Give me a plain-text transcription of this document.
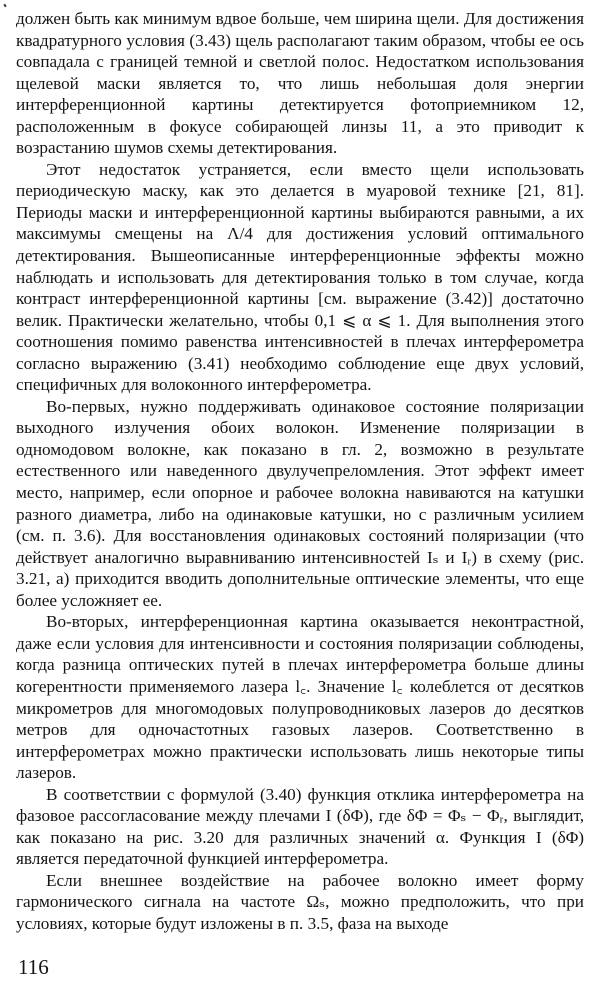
должен быть как минимум вдвое больше, чем ширина щели. Для достижения квадратурного условия (3.43) щель располагают таким образом, чтобы ее ось совпадала с границей темной и светлой полос. Недостатком использования щелевой маски является то, что лишь небольшая доля энергии интерференционной картины детектируется фотоприемником 12, расположенным в фокусе собирающей линзы 11, а это приводит к возрастанию шумов схемы детектирования.

Этот недостаток устраняется, если вместо щели использовать периодическую маску, как это делается в муаровой технике [21, 81]. Периоды маски и интерференционной картины выбираются равными, а их максимумы смещены на Λ/4 для достижения условий оптимального детектирования. Вышеописанные интерференционные эффекты можно наблюдать и использовать для детектирования только в том случае, когда контраст интерференционной картины [см. выражение (3.42)] достаточно велик. Практически желательно, чтобы 0,1 ⩽ α ⩽ 1. Для выполнения этого соотношения помимо равенства интенсивностей в плечах интерферометра согласно выражению (3.41) необходимо соблюдение еще двух условий, специфичных для волоконного интерферометра.

Во-первых, нужно поддерживать одинаковое состояние поляризации выходного излучения обоих волокон. Изменение поляризации в одномодовом волокне, как показано в гл. 2, возможно в результате естественного или наведенного двулучепреломления. Этот эффект имеет место, например, если опорное и рабочее волокна навиваются на катушки разного диаметра, либо на одинаковые катушки, но с различным усилием (см. п. 3.6). Для восстановления одинаковых состояний поляризации (что действует аналогично выравниванию интенсивностей Iₛ и Iᵣ) в схему (рис. 3.21, а) приходится вводить дополнительные оптические элементы, что еще более усложняет ее.

Во-вторых, интерференционная картина оказывается неконтрастной, даже если условия для интенсивности и состояния поляризации соблюдены, когда разница оптических путей в плечах интерферометра больше длины когерентности применяемого лазера l꜀. Значение l꜀ колеблется от десятков микрометров для многомодовых полупроводниковых лазеров до десятков метров для одночастотных газовых лазеров. Соответственно в интерферометрах можно практически использовать лишь некоторые типы лазеров.

В соответствии с формулой (3.40) функция отклика интерферометра на фазовое рассогласование между плечами I (δΦ), где δΦ = Φₛ − Φᵣ, выглядит, как показано на рис. 3.20 для различных значений α. Функция I (δΦ) является передаточной функцией интерферометра.

Если внешнее воздействие на рабочее волокно имеет форму гармонического сигнала на частоте Ωₛ, можно предположить, что при условиях, которые будут изложены в п. 3.5, фаза на выходе

116
